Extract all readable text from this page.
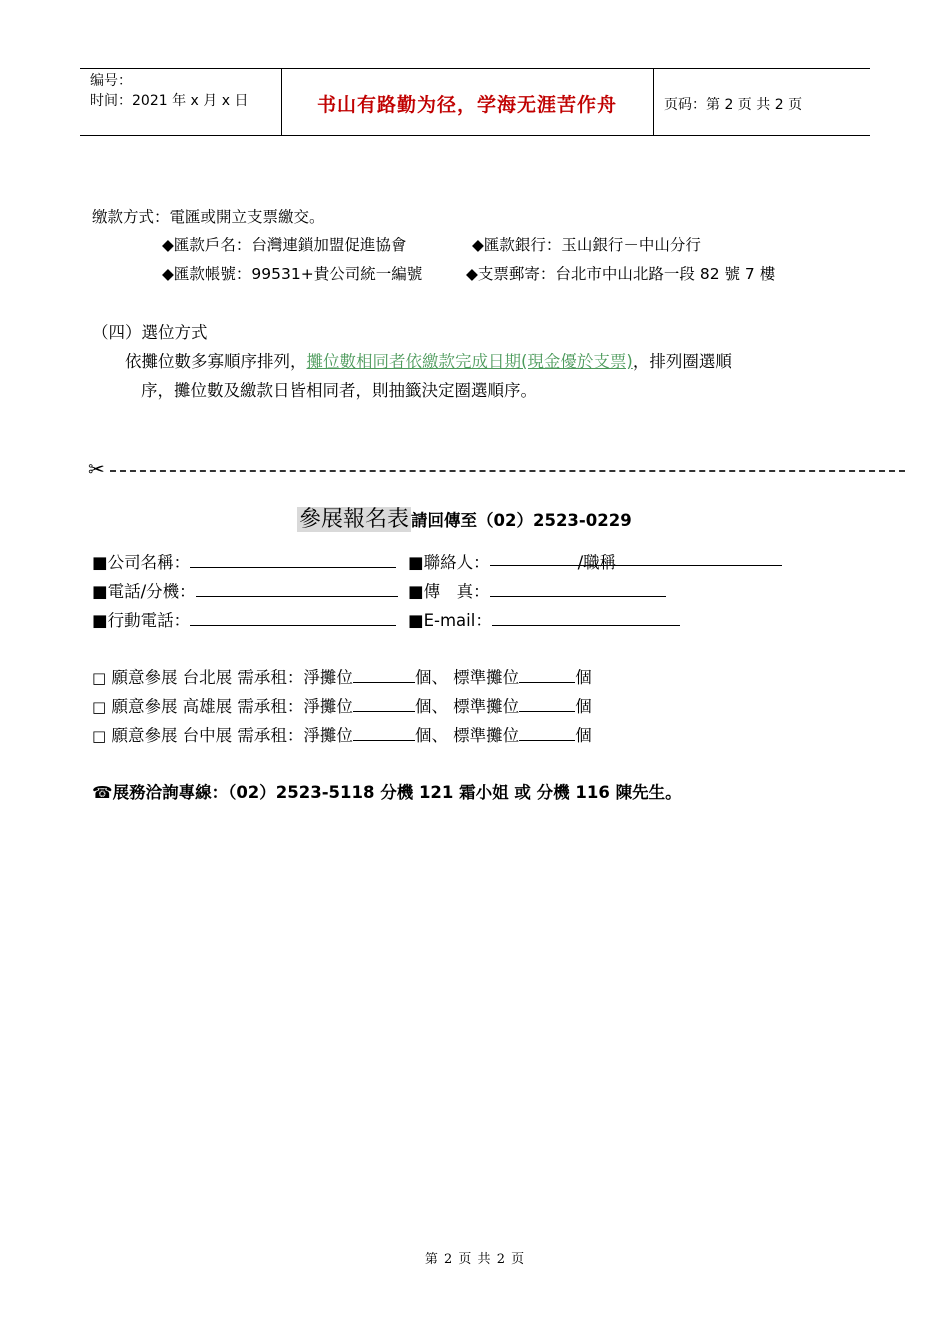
编号：
时间：2021 年 x 月 x 日	书山有路勤为径，学海无涯苦作舟	页码：第 2 页 共 2 页
缴款方式：電匯或開立支票繳交。
◆匯款戶名：台灣連鎖加盟促進協會	◆匯款銀行：玉山銀行－中山分行
◆匯款帳號：99531+貴公司統一編號	◆支票郵寄：台北市中山北路一段 82 號 7 樓
（四）選位方式
依攤位數多寡順序排列，攤位數相同者依繳款完成日期(現金優於支票)，排列圈選順
序，攤位數及繳款日皆相同者，則抽籤決定圈選順序。
✂
參展報名表 請回傳至（02）2523-0229
■公司名稱：	■聯絡人：	/職稱
■電話/分機：	■傳　真：
■行動電話：	■E-mail：
□ 願意參展 台北展 需承租：淨攤位	個、 標準攤位	個
□ 願意參展 高雄展 需承租：淨攤位	個、 標準攤位	個
□ 願意參展 台中展 需承租：淨攤位	個、 標準攤位	個
☎展務洽詢專線：（02）2523-5118 分機 121 霜小姐 或 分機 116 陳先生。
第 2 页 共 2 页
